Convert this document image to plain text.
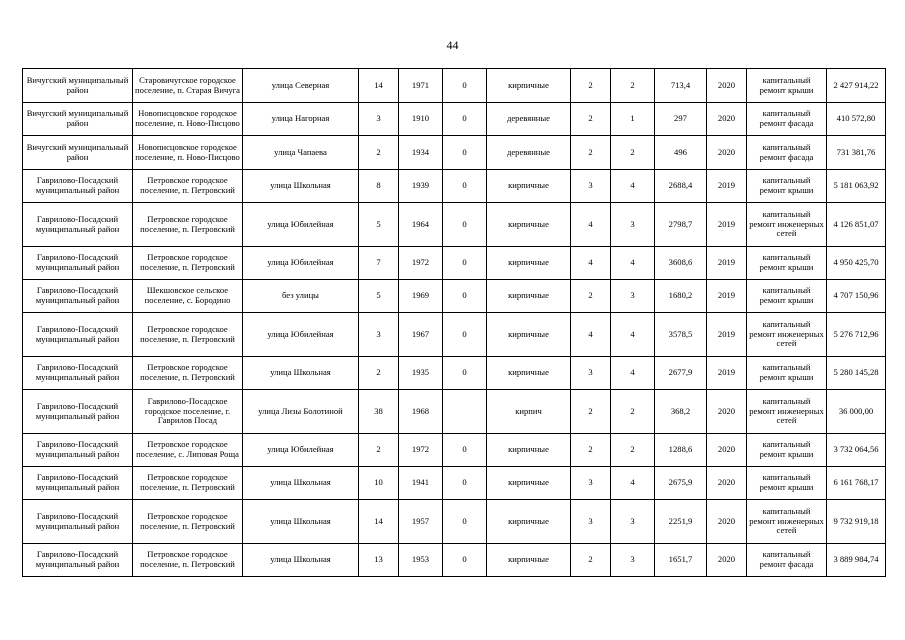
44
Вичугский муниципальный район	Старовичугское городское поселение, п. Старая Вичуга	улица Северная	14	1971	0	кирпичные	2	2	713,4	2020	капитальный ремонт крыши	2 427 914,22
Вичугский муниципальный район	Новописцовское городское поселение, п. Ново-Писцово	улица Нагорная	3	1910	0	деревянные	2	1	297	2020	капитальный ремонт фасада	410 572,80
Вичугский муниципальный район	Новописцовское городское поселение, п. Ново-Писцово	улица Чапаева	2	1934	0	деревянные	2	2	496	2020	капитальный ремонт фасада	731 381,76
Гаврилово-Посадский муниципальный район	Петровское городское поселение, п. Петровский	улица Школьная	8	1939	0	кирпичные	3	4	2688,4	2019	капитальный ремонт крыши	5 181 063,92
Гаврилово-Посадский муниципальный район	Петровское городское поселение, п. Петровский	улица Юбилейная	5	1964	0	кирпичные	4	3	2798,7	2019	капитальный ремонт инженерных сетей	4 126 851,07
Гаврилово-Посадский муниципальный район	Петровское городское поселение, п. Петровский	улица Юбилейная	7	1972	0	кирпичные	4	4	3608,6	2019	капитальный ремонт крыши	4 950 425,70
Гаврилово-Посадский муниципальный район	Шекшовское сельское поселение, с. Бородино	без улицы	5	1969	0	кирпичные	2	3	1680,2	2019	капитальный ремонт крыши	4 707 150,96
Гаврилово-Посадский муниципальный район	Петровское городское поселение, п. Петровский	улица Юбилейная	3	1967	0	кирпичные	4	4	3578,5	2019	капитальный ремонт инженерных сетей	5 276 712,96
Гаврилово-Посадский муниципальный район	Петровское городское поселение, п. Петровский	улица Школьная	2	1935	0	кирпичные	3	4	2677,9	2019	капитальный ремонт крыши	5 280 145,28
Гаврилово-Посадский муниципальный район	Гаврилово-Посадское городское поселение, г. Гаврилов Посад	улица Лизы Болотиной	38	1968		кирпич	2	2	368,2	2020	капитальный ремонт инженерных сетей	36 000,00
Гаврилово-Посадский муниципальный район	Петровское городское поселение, с. Липовая Роща	улица Юбилейная	2	1972	0	кирпичные	2	2	1288,6	2020	капитальный ремонт крыши	3 732 064,56
Гаврилово-Посадский муниципальный район	Петровское городское поселение, п. Петровский	улица Школьная	10	1941	0	кирпичные	3	4	2675,9	2020	капитальный ремонт крыши	6 161 768,17
Гаврилово-Посадский муниципальный район	Петровское городское поселение, п. Петровский	улица Школьная	14	1957	0	кирпичные	3	3	2251,9	2020	капитальный ремонт инженерных сетей	9 732 919,18
Гаврилово-Посадский муниципальный район	Петровское городское поселение, п. Петровский	улица Школьная	13	1953	0	кирпичные	2	3	1651,7	2020	капитальный ремонт фасада	3 889 984,74
